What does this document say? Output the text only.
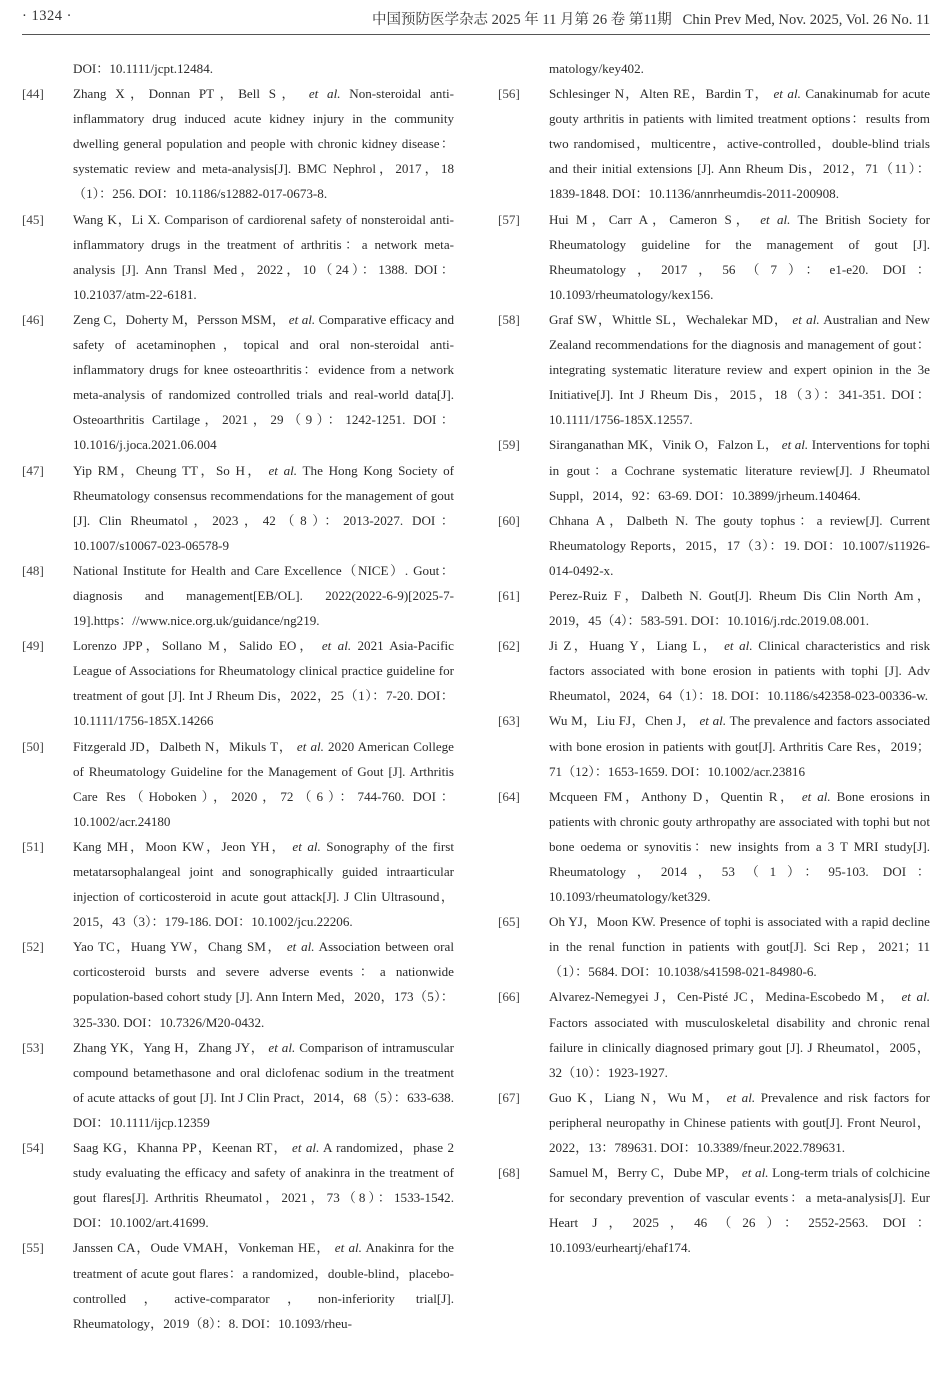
· 1324 ·	中国预防医学杂志 2025 年 11 月第 26 卷 第11期 Chin Prev Med, Nov. 2025, Vol. 26 No. 11
DOI：10.1111/jcpt.12484.
[44] Zhang X，Donnan PT，Bell S， et al. Non-steroidal anti-inflammatory drug induced acute kidney injury in the community dwelling general population and people with chronic kidney disease：systematic review and meta-analysis[J]. BMC Nephrol，2017，18（1）：256. DOI：10.1186/s12882-017-0673-8.
[45] Wang K，Li X. Comparison of cardiorenal safety of nonsteroidal anti-inflammatory drugs in the treatment of arthritis：a network meta-analysis [J]. Ann Transl Med，2022，10（24）：1388. DOI：10.21037/atm-22-6181.
[46] Zeng C，Doherty M，Persson MSM， et al. Comparative efficacy and safety of acetaminophen，topical and oral non-steroidal anti-inflammatory drugs for knee osteoarthritis：evidence from a network meta-analysis of randomized controlled trials and real-world data[J]. Osteoarthritis Cartilage，2021，29（9）：1242-1251. DOI：10.1016/j.joca.2021.06.004
[47] Yip RM，Cheung TT，So H， et al. The Hong Kong Society of Rheumatology consensus recommendations for the management of gout [J]. Clin Rheumatol，2023，42（8）：2013-2027. DOI：10.1007/s10067-023-06578-9
[48] National Institute for Health and Care Excellence（NICE）. Gout：diagnosis and management[EB/OL]. 2022(2022-6-9)[2025-7-19].https：//www.nice.org.uk/guidance/ng219.
[49] Lorenzo JPP，Sollano M，Salido EO， et al. 2021 Asia-Pacific League of Associations for Rheumatology clinical practice guideline for treatment of gout [J]. Int J Rheum Dis，2022，25（1）：7-20. DOI：10.1111/1756-185X.14266
[50] Fitzgerald JD，Dalbeth N，Mikuls T， et al. 2020 American College of Rheumatology Guideline for the Management of Gout [J]. Arthritis Care Res（Hoboken），2020，72（6）：744-760. DOI：10.1002/acr.24180
[51] Kang MH，Moon KW，Jeon YH， et al. Sonography of the first metatarsophalangeal joint and sonographically guided intraarticular injection of corticosteroid in acute gout attack[J]. J Clin Ultrasound，2015，43（3）：179-186. DOI：10.1002/jcu.22206.
[52] Yao TC，Huang YW，Chang SM， et al. Association between oral corticosteroid bursts and severe adverse events：a nationwide population-based cohort study [J]. Ann Intern Med，2020，173（5）：325-330. DOI：10.7326/M20-0432.
[53] Zhang YK，Yang H，Zhang JY， et al. Comparison of intramuscular compound betamethasone and oral diclofenac sodium in the treatment of acute attacks of gout [J]. Int J Clin Pract，2014，68（5）：633-638. DOI：10.1111/ijcp.12359
[54] Saag KG，Khanna PP，Keenan RT， et al. A randomized，phase 2 study evaluating the efficacy and safety of anakinra in the treatment of gout flares[J]. Arthritis Rheumatol，2021，73（8）：1533-1542. DOI：10.1002/art.41699.
[55] Janssen CA，Oude VMAH，Vonkeman HE， et al. Anakinra for the treatment of acute gout flares：a randomized，double-blind，placebo-controlled，active-comparator，non-inferiority trial[J]. Rheumatology，2019（8）：8. DOI：10.1093/rheu-
matology/key402.
[56] Schlesinger N，Alten RE，Bardin T， et al. Canakinumab for acute gouty arthritis in patients with limited treatment options：results from two randomised，multicentre，active-controlled，double-blind trials and their initial extensions [J]. Ann Rheum Dis，2012，71（11）：1839-1848. DOI：10.1136/annrheumdis-2011-200908.
[57] Hui M，Carr A，Cameron S， et al. The British Society for Rheumatology guideline for the management of gout [J]. Rheumatology，2017，56（7）：e1-e20. DOI：10.1093/rheumatology/kex156.
[58] Graf SW，Whittle SL，Wechalekar MD， et al. Australian and New Zealand recommendations for the diagnosis and management of gout：integrating systematic literature review and expert opinion in the 3e Initiative[J]. Int J Rheum Dis，2015，18（3）：341-351. DOI：10.1111/1756-185X.12557.
[59] Siranganathan MK，Vinik O，Falzon L， et al. Interventions for tophi in gout：a Cochrane systematic literature review[J]. J Rheumatol Suppl，2014，92：63-69. DOI：10.3899/jrheum.140464.
[60] Chhana A，Dalbeth N. The gouty tophus：a review[J]. Current Rheumatology Reports，2015，17（3）：19. DOI：10.1007/s11926-014-0492-x.
[61] Perez-Ruiz F，Dalbeth N. Gout[J]. Rheum Dis Clin North Am，2019，45（4）：583-591. DOI：10.1016/j.rdc.2019.08.001.
[62] Ji Z，Huang Y，Liang L， et al. Clinical characteristics and risk factors associated with bone erosion in patients with tophi [J]. Adv Rheumatol，2024，64（1）：18. DOI：10.1186/s42358-023-00336-w.
[63] Wu M，Liu FJ，Chen J， et al. The prevalence and factors associated with bone erosion in patients with gout[J]. Arthritis Care Res，2019；71（12）：1653-1659. DOI：10.1002/acr.23816
[64] Mcqueen FM，Anthony D，Quentin R， et al. Bone erosions in patients with chronic gouty arthropathy are associated with tophi but not bone oedema or synovitis：new insights from a 3 T MRI study[J]. Rheumatology，2014，53（1）：95-103. DOI：10.1093/rheumatology/ket329.
[65] Oh YJ，Moon KW. Presence of tophi is associated with a rapid decline in the renal function in patients with gout[J]. Sci Rep，2021；11（1）：5684. DOI：10.1038/s41598-021-84980-6.
[66] Alvarez-Nemegyei J，Cen-Pisté JC，Medina-Escobedo M， et al. Factors associated with musculoskeletal disability and chronic renal failure in clinically diagnosed primary gout [J]. J Rheumatol，2005，32（10）：1923-1927.
[67] Guo K，Liang N，Wu M， et al. Prevalence and risk factors for peripheral neuropathy in Chinese patients with gout[J]. Front Neurol，2022，13：789631. DOI：10.3389/fneur.2022.789631.
[68] Samuel M，Berry C，Dube MP， et al. Long-term trials of colchicine for secondary prevention of vascular events：a meta-analysis[J]. Eur Heart J，2025，46（26）：2552-2563. DOI：10.1093/eurheartj/ehaf174.
